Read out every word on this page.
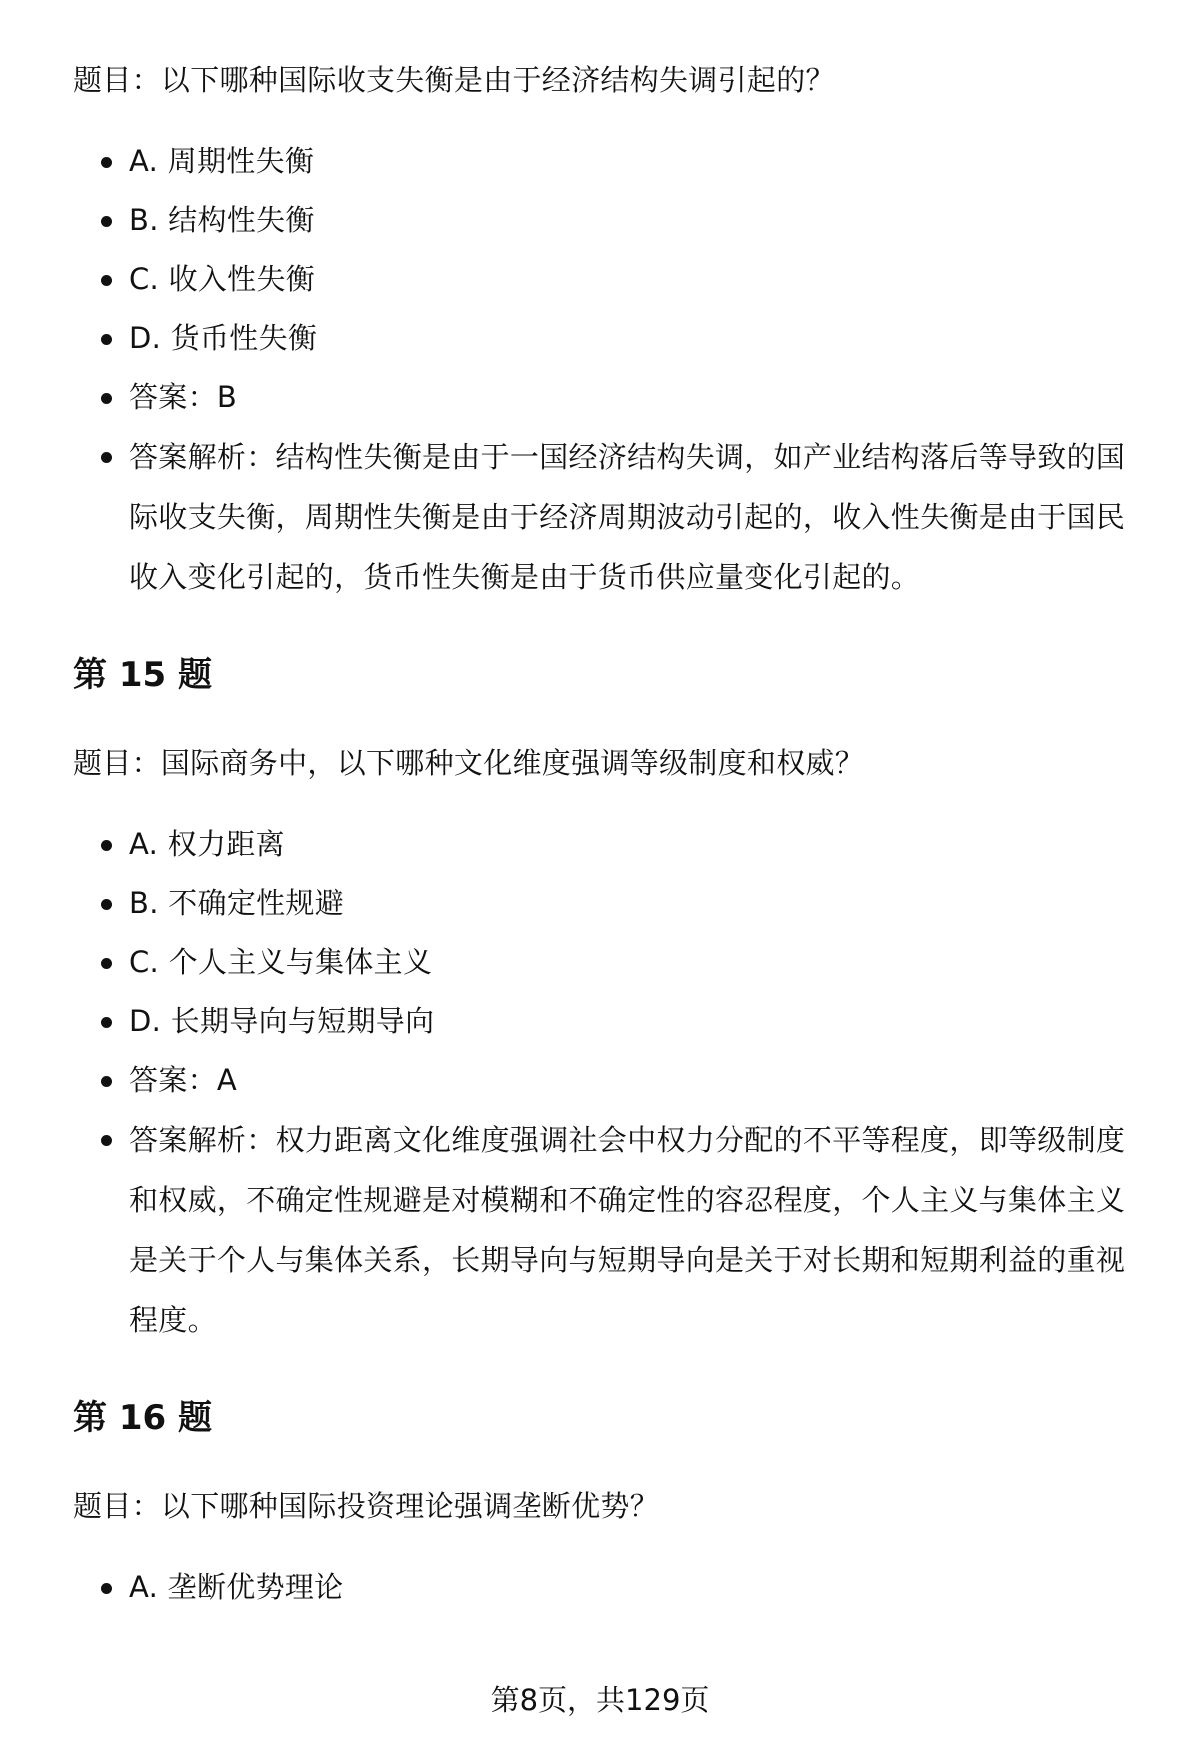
题目：以下哪种国际收支失衡是由于经济结构失调引起的？

A. 周期性失衡
B. 结构性失衡
C. 收入性失衡
D. 货币性失衡
答案：B
答案解析：结构性失衡是由于一国经济结构失调，如产业结构落后等导致的国际收支失衡，周期性失衡是由于经济周期波动引起的，收入性失衡是由于国民收入变化引起的，货币性失衡是由于货币供应量变化引起的。
第 15 题

题目：国际商务中，以下哪种文化维度强调等级制度和权威？

A. 权力距离
B. 不确定性规避
C. 个人主义与集体主义
D. 长期导向与短期导向
答案：A
答案解析：权力距离文化维度强调社会中权力分配的不平等程度，即等级制度和权威，不确定性规避是对模糊和不确定性的容忍程度，个人主义与集体主义是关于个人与集体关系，长期导向与短期导向是关于对长期和短期利益的重视程度。
第 16 题

题目：以下哪种国际投资理论强调垄断优势？

A. 垄断优势理论
第8页，共129页
